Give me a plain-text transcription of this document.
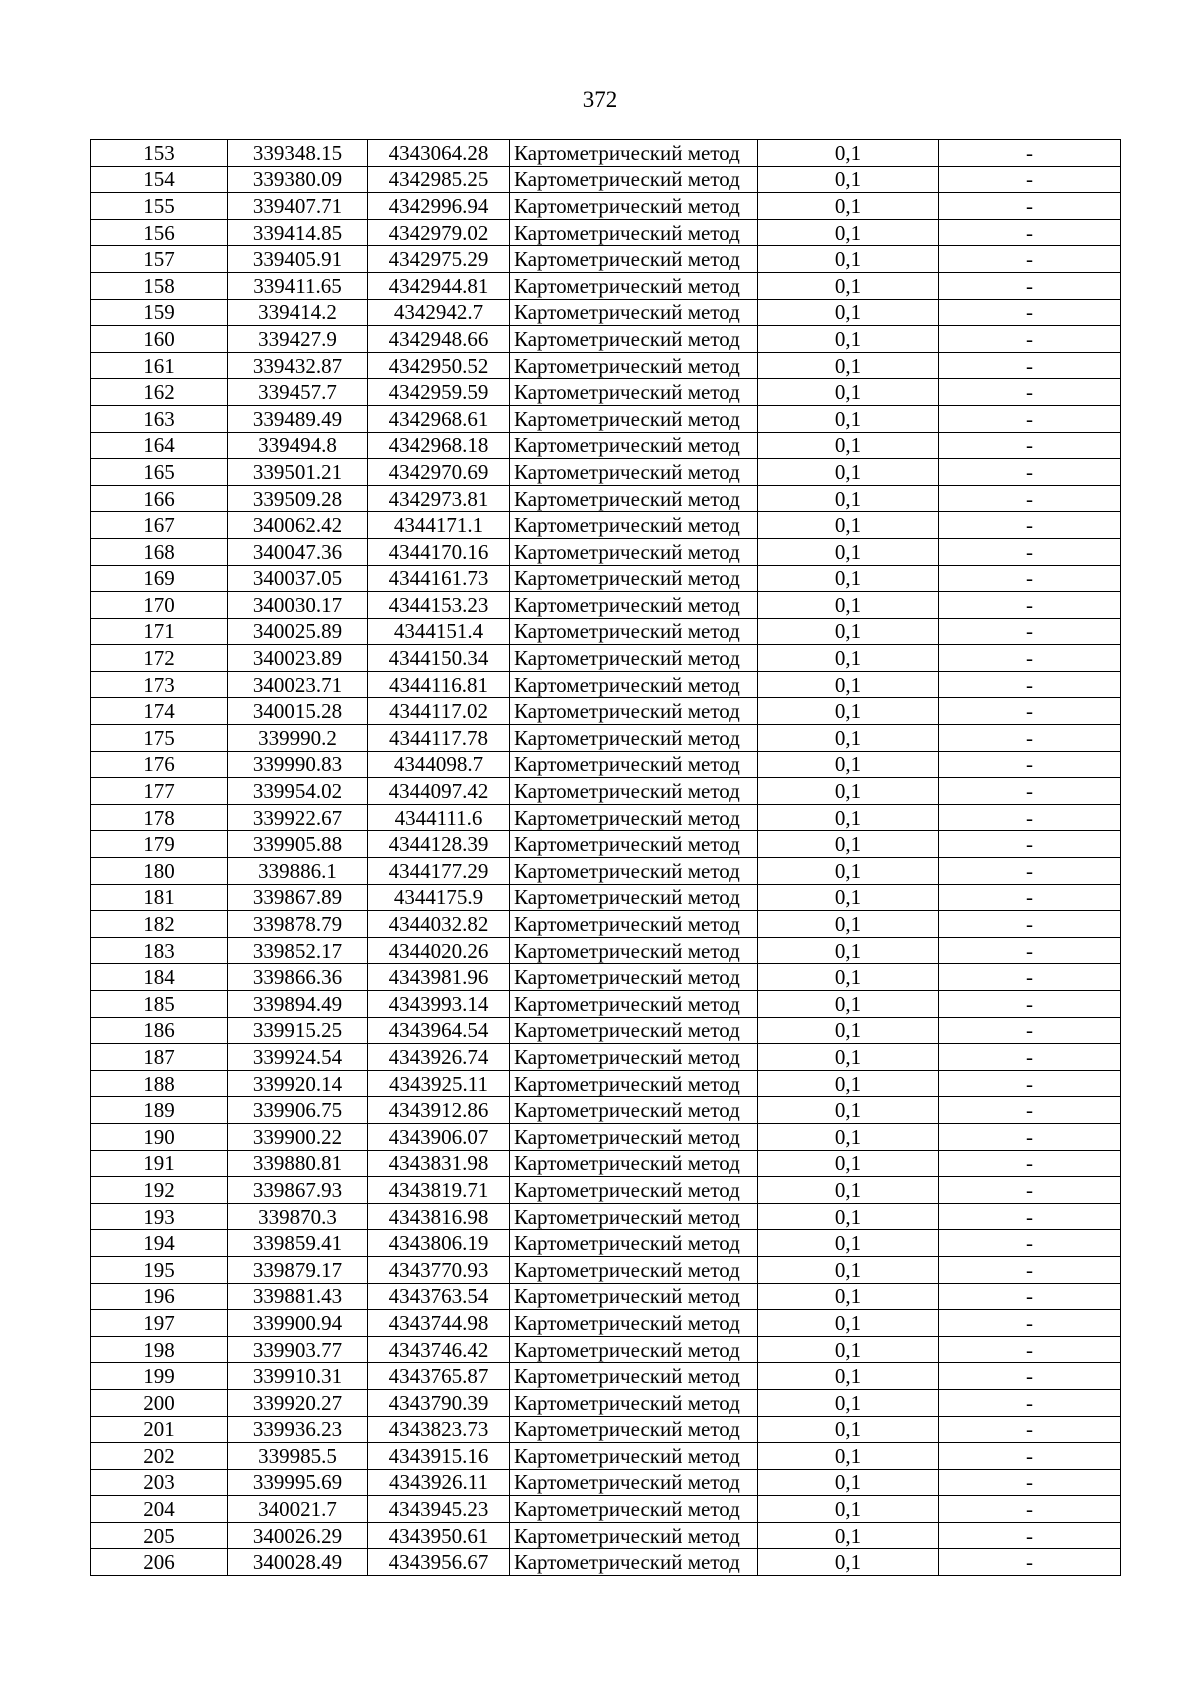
372
153	339348.15	4343064.28	Картометрический метод	0,1	-
154	339380.09	4342985.25	Картометрический метод	0,1	-
155	339407.71	4342996.94	Картометрический метод	0,1	-
156	339414.85	4342979.02	Картометрический метод	0,1	-
157	339405.91	4342975.29	Картометрический метод	0,1	-
158	339411.65	4342944.81	Картометрический метод	0,1	-
159	339414.2	4342942.7	Картометрический метод	0,1	-
160	339427.9	4342948.66	Картометрический метод	0,1	-
161	339432.87	4342950.52	Картометрический метод	0,1	-
162	339457.7	4342959.59	Картометрический метод	0,1	-
163	339489.49	4342968.61	Картометрический метод	0,1	-
164	339494.8	4342968.18	Картометрический метод	0,1	-
165	339501.21	4342970.69	Картометрический метод	0,1	-
166	339509.28	4342973.81	Картометрический метод	0,1	-
167	340062.42	4344171.1	Картометрический метод	0,1	-
168	340047.36	4344170.16	Картометрический метод	0,1	-
169	340037.05	4344161.73	Картометрический метод	0,1	-
170	340030.17	4344153.23	Картометрический метод	0,1	-
171	340025.89	4344151.4	Картометрический метод	0,1	-
172	340023.89	4344150.34	Картометрический метод	0,1	-
173	340023.71	4344116.81	Картометрический метод	0,1	-
174	340015.28	4344117.02	Картометрический метод	0,1	-
175	339990.2	4344117.78	Картометрический метод	0,1	-
176	339990.83	4344098.7	Картометрический метод	0,1	-
177	339954.02	4344097.42	Картометрический метод	0,1	-
178	339922.67	4344111.6	Картометрический метод	0,1	-
179	339905.88	4344128.39	Картометрический метод	0,1	-
180	339886.1	4344177.29	Картометрический метод	0,1	-
181	339867.89	4344175.9	Картометрический метод	0,1	-
182	339878.79	4344032.82	Картометрический метод	0,1	-
183	339852.17	4344020.26	Картометрический метод	0,1	-
184	339866.36	4343981.96	Картометрический метод	0,1	-
185	339894.49	4343993.14	Картометрический метод	0,1	-
186	339915.25	4343964.54	Картометрический метод	0,1	-
187	339924.54	4343926.74	Картометрический метод	0,1	-
188	339920.14	4343925.11	Картометрический метод	0,1	-
189	339906.75	4343912.86	Картометрический метод	0,1	-
190	339900.22	4343906.07	Картометрический метод	0,1	-
191	339880.81	4343831.98	Картометрический метод	0,1	-
192	339867.93	4343819.71	Картометрический метод	0,1	-
193	339870.3	4343816.98	Картометрический метод	0,1	-
194	339859.41	4343806.19	Картометрический метод	0,1	-
195	339879.17	4343770.93	Картометрический метод	0,1	-
196	339881.43	4343763.54	Картометрический метод	0,1	-
197	339900.94	4343744.98	Картометрический метод	0,1	-
198	339903.77	4343746.42	Картометрический метод	0,1	-
199	339910.31	4343765.87	Картометрический метод	0,1	-
200	339920.27	4343790.39	Картометрический метод	0,1	-
201	339936.23	4343823.73	Картометрический метод	0,1	-
202	339985.5	4343915.16	Картометрический метод	0,1	-
203	339995.69	4343926.11	Картометрический метод	0,1	-
204	340021.7	4343945.23	Картометрический метод	0,1	-
205	340026.29	4343950.61	Картометрический метод	0,1	-
206	340028.49	4343956.67	Картометрический метод	0,1	-
